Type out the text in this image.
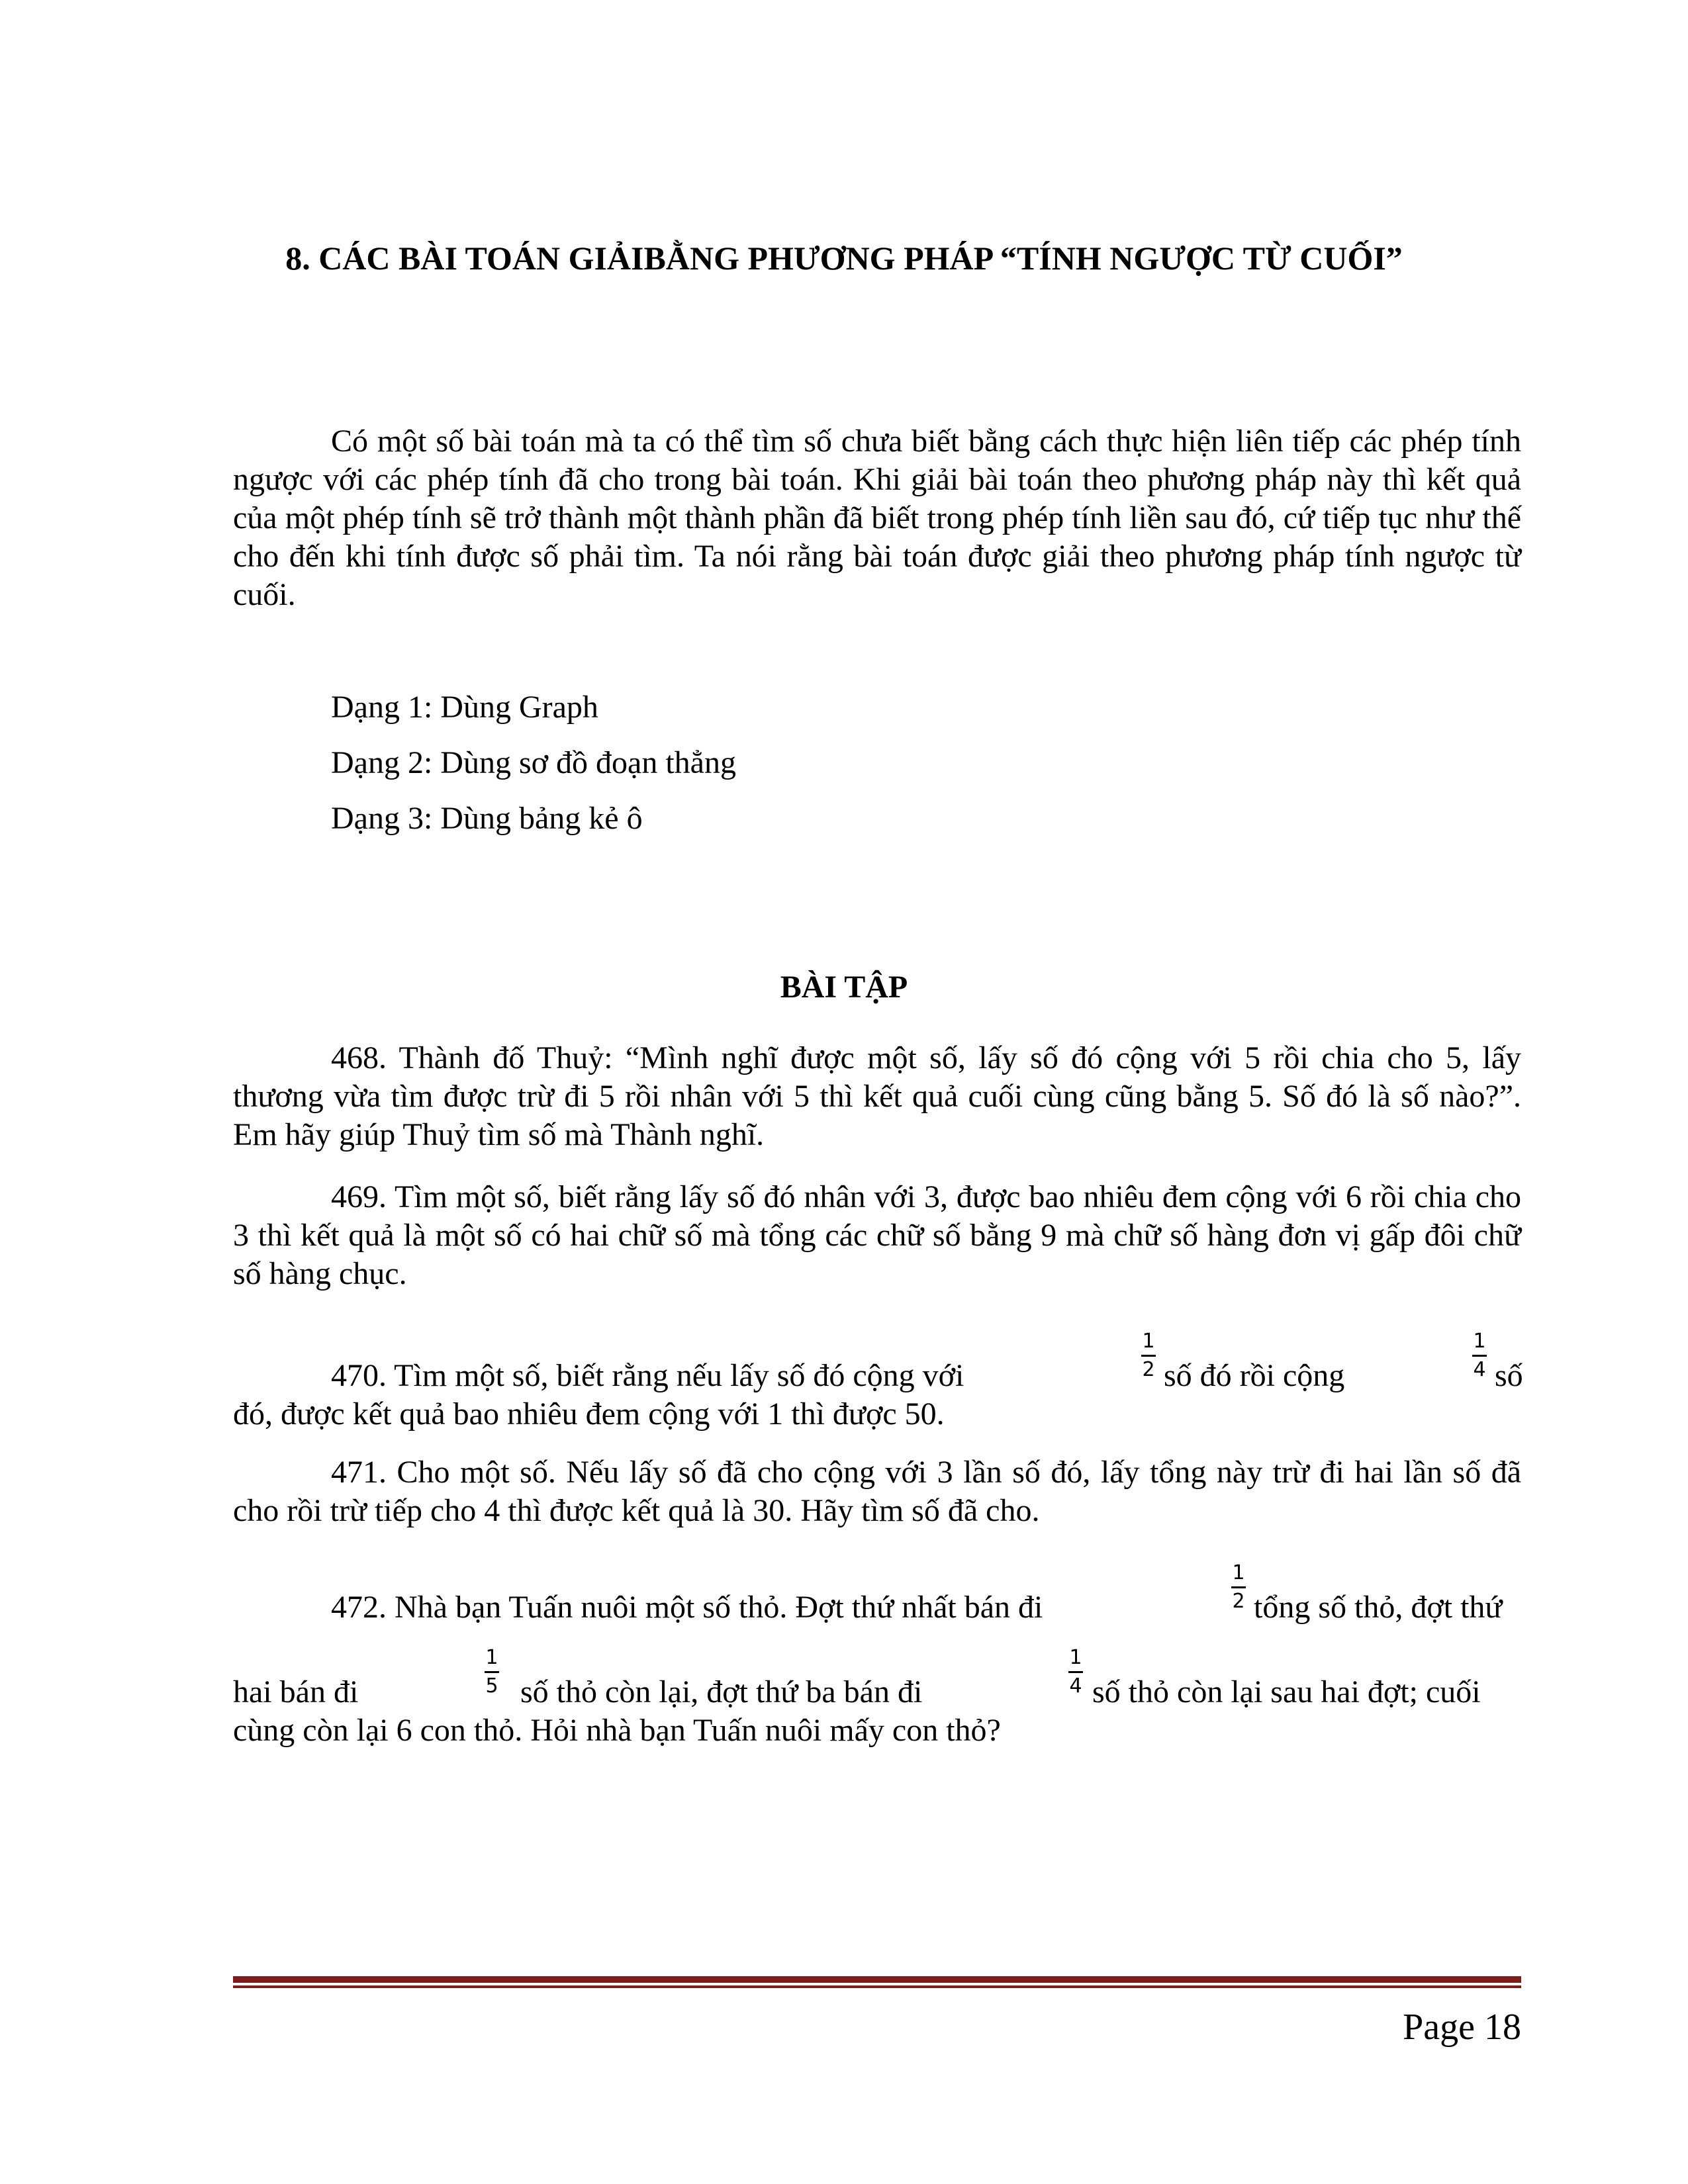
8. CÁC BÀI TOÁN GIẢIBẰNG PHƯƠNG PHÁP “TÍNH NGƯỢC TỪ CUỐI”

Có một số bài toán mà ta có thể tìm số chưa biết bằng cách thực hiện liên tiếp các phép tính ngược với các phép tính đã cho trong bài toán. Khi giải bài toán theo phương pháp này thì kết quả của một phép tính sẽ trở thành một thành phần đã biết trong phép tính liền sau đó, cứ tiếp tục như thế cho đến khi tính được số phải tìm. Ta nói rằng bài toán được giải theo phương pháp tính ngược từ cuối.

Dạng 1: Dùng Graph
Dạng 2: Dùng sơ đồ đoạn thẳng
Dạng 3: Dùng bảng kẻ ô
BÀI TẬP

468. Thành đố Thuỷ: “Mình nghĩ được một số, lấy số đó cộng với 5 rồi chia cho 5, lấy thương vừa tìm được trừ đi 5 rồi nhân với 5 thì kết quả cuối cùng cũng bằng 5. Số đó là số nào?”. Em hãy giúp Thuỷ tìm số mà Thành nghĩ.

469. Tìm một số, biết rằng lấy số đó nhân với 3, được bao nhiêu đem cộng với 6 rồi chia cho 3 thì kết quả là một số có hai chữ số mà tổng các chữ số bằng 9 mà chữ số hàng đơn vị gấp đôi chữ số hàng chục.

470. Tìm một số, biết rằng nếu lấy số đó cộng với
1
2 số đó rồi cộng
1
4 số
đó, được kết quả bao nhiêu đem cộng với 1 thì được 50.

471. Cho một số. Nếu lấy số đã cho cộng với 3 lần số đó, lấy tổng này trừ đi hai lần số đã cho rồi trừ tiếp cho 4 thì được kết quả là 30. Hãy tìm số đã cho.

472. Nhà bạn Tuấn nuôi một số thỏ. Đợt thứ nhất bán đi
1
2 tổng số thỏ, đợt thứ
hai bán đi
1
5 số thỏ còn lại, đợt thứ ba bán đi
1
4 số thỏ còn lại sau hai đợt; cuối
cùng còn lại 6 con thỏ. Hỏi nhà bạn Tuấn nuôi mấy con thỏ?
Page 18
